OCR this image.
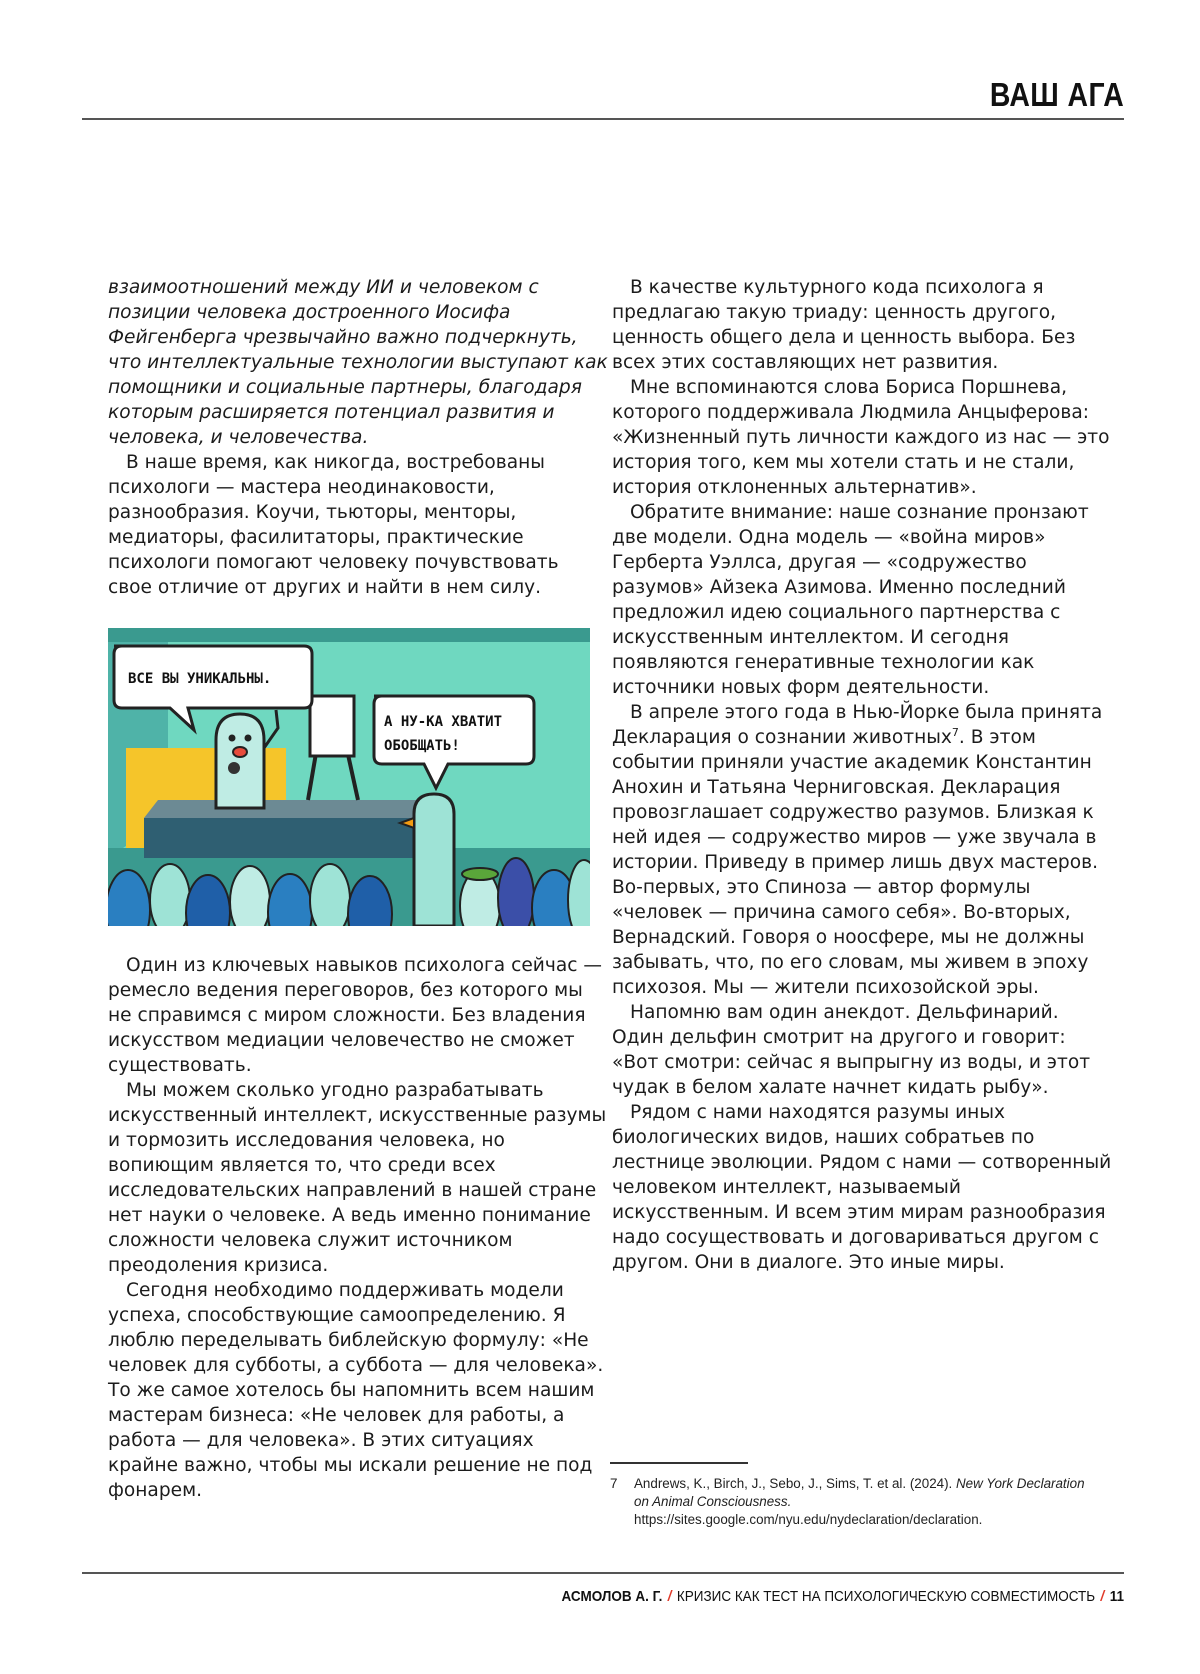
ВАШ АГА

взаимоотношений между ИИ и человеком с позиции человека достроенного Иосифа Фейгенберга чрезвычайно важно подчеркнуть, что интеллектуальные технологии выступают как помощники и социальные партнеры, благодаря которым расширяется потенциал развития и человека, и человечества.

В наше время, как никогда, востребованы психологи — мастера неодинаковости, разнообразия. Коучи, тьюторы, менторы, медиаторы, фасилитаторы, практические психологи помогают человеку почувствовать свое отличие от других и найти в нем силу.

ВСЕ ВЫ УНИКАЛЬНЫ.
А НУ-КА ХВАТИТ
ОБОБЩАТЬ!

Один из ключевых навыков психолога сейчас — ремесло ведения переговоров, без которого мы не справимся с миром сложности. Без владения искусством медиации человечество не сможет существовать.

Мы можем сколько угодно разрабатывать искусственный интеллект, искусственные разумы и тормозить исследования человека, но вопиющим является то, что среди всех исследовательских направлений в нашей стране нет науки о человеке. А ведь именно понимание сложности человека служит источником преодоления кризиса.

Сегодня необходимо поддерживать модели успеха, способствующие самоопределению. Я люблю переделывать библейскую формулу: «Не человек для субботы, а суббота — для человека». То же самое хотелось бы напомнить всем нашим мастерам бизнеса: «Не человек для работы, а работа — для человека». В этих ситуациях крайне важно, чтобы мы искали решение не под фонарем.

В качестве культурного кода психолога я предлагаю такую триаду: ценность другого, ценность общего дела и ценность выбора. Без всех этих составляющих нет развития.

Мне вспоминаются слова Бориса Поршнева, которого поддерживала Людмила Анцыферова: «Жизненный путь личности каждого из нас — это история того, кем мы хотели стать и не стали, история отклоненных альтернатив».

Обратите внимание: наше сознание пронзают две модели. Одна модель — «война миров» Герберта Уэллса, другая — «содружество разумов» Айзека Азимова. Именно последний предложил идею социального партнерства с искусственным интеллектом. И сегодня появляются генеративные технологии как источники новых форм деятельности.

В апреле этого года в Нью-Йорке была принята Декларация о сознании животных7. В этом событии приняли участие академик Константин Анохин и Татьяна Черниговская. Декларация провозглашает содружество разумов. Близкая к ней идея — содружество миров — уже звучала в истории. Приведу в пример лишь двух мастеров. Во-первых, это Спиноза — автор формулы «человек — причина самого себя». Во-вторых, Вернадский. Говоря о ноосфере, мы не должны забывать, что, по его словам, мы живем в эпоху психозоя. Мы — жители психозойской эры.

Напомню вам один анекдот. Дельфинарий. Один дельфин смотрит на другого и говорит: «Вот смотри: сейчас я выпрыгну из воды, и этот чудак в белом халате начнет кидать рыбу».

Рядом с нами находятся разумы иных биологических видов, наших собратьев по лестнице эволюции. Рядом с нами — сотворенный человеком интеллект, называемый искусственным. И всем этим мирам разнообразия надо сосуществовать и договариваться другом с другом. Они в диалоге. Это иные миры.

7 Andrews, K., Birch, J., Sebo, J., Sims, T. et al. (2024). New York Declaration on Animal Consciousness. https://sites.google.com/nyu.edu/nydeclaration/declaration.
АСМОЛОВ А. Г. / КРИЗИС КАК ТЕСТ НА ПСИХОЛОГИЧЕСКУЮ СОВМЕСТИМОСТЬ / 11
